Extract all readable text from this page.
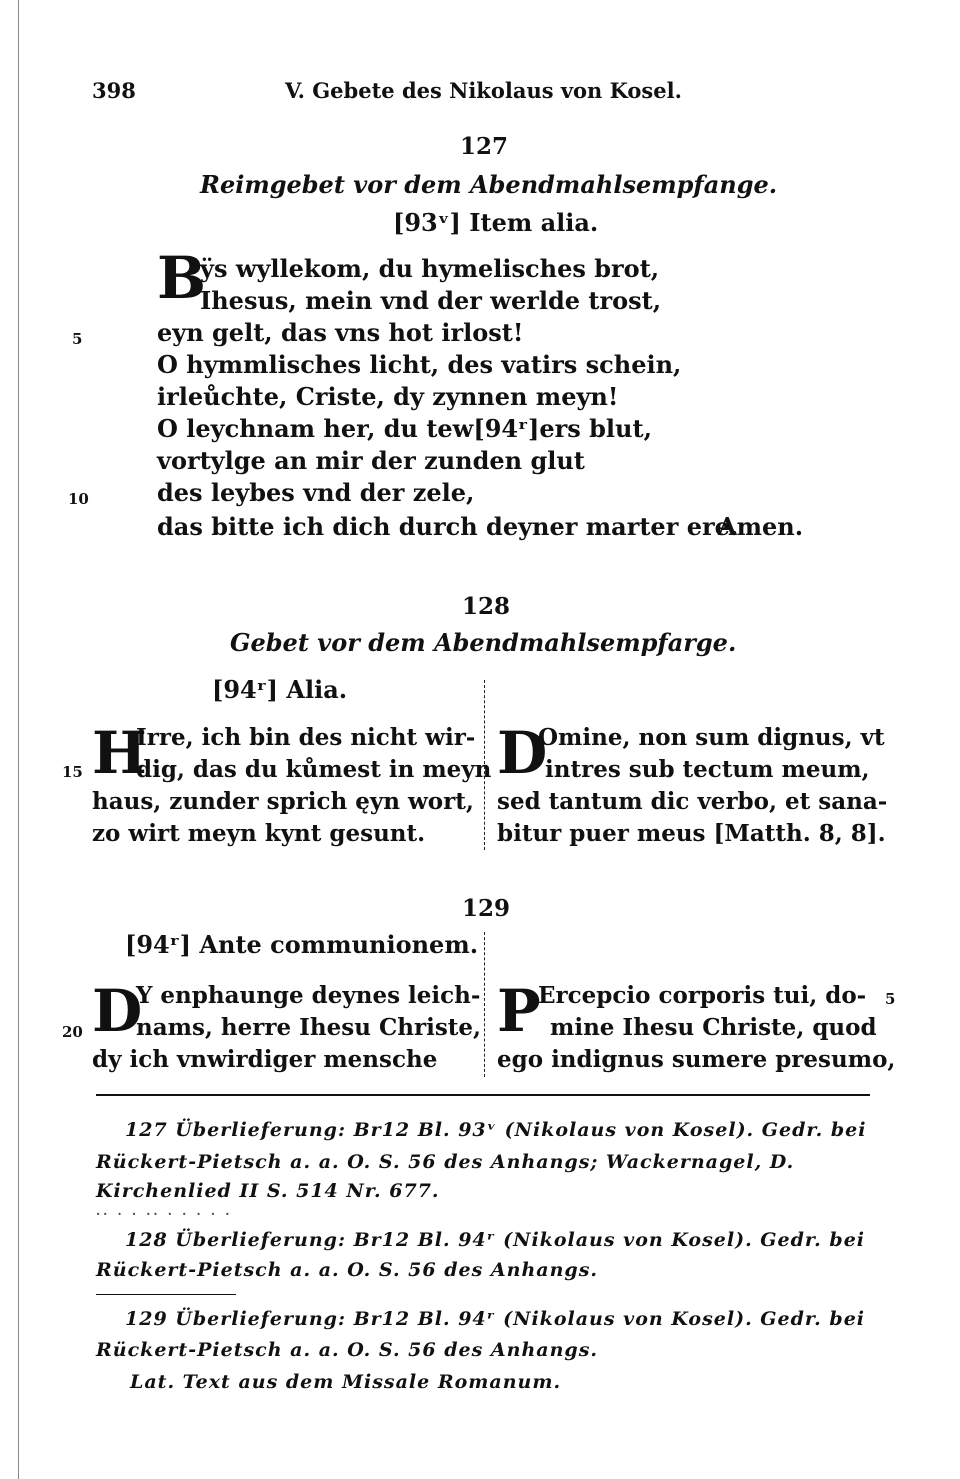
398	V. Gebete des Nikolaus von Kosel.
127
Reimgebet vor dem Abendmahlsempfange.
[93ᵛ] Item alia.
B
ÿs wyllekom, du hymelisches brot,
Ihesus, mein vnd der werlde trost,
eyn gelt, das vns hot irlost!
O hymmlisches licht, des vatirs schein,
irleůchte, Criste, dy zynnen meyn!
O leychnam her, du tew[94ʳ]ers blut,
vortylge an mir der zunden glut
des leybes vnd der zele,
das bitte ich dich durch deyner marter ere.
Amen.
5
10
128
Gebet vor dem Abendmahlsempfarge.
[94ʳ] Alia.
H
Irre, ich bin des nicht wir-
dig, das du kůmest in meyn
haus, zunder sprich ęyn wort,
zo wirt meyn kynt gesunt.
15	D
Omine, non sum dignus, vt
intres sub tectum meum,
sed tantum dic verbo, et sana-
bitur puer meus [Matth. 8, 8].
129
[94ʳ] Ante communionem.
D
Y enphaunge deynes leich-
nams, herre Ihesu Christe,
dy ich vnwirdiger mensche
20	P
Ercepcio corporis tui, do-
mine Ihesu Christe, quod
ego indignus sumere presumo,
5
127 Überlieferung: Br12 Bl. 93ᵛ (Nikolaus von Kosel). Gedr. bei
Rückert-Pietsch a. a. O. S. 56 des Anhangs; Wackernagel, D.
Kirchenlied II S. 514 Nr. 677.
.. . . .. . . . . .
128 Überlieferung: Br12 Bl. 94ʳ (Nikolaus von Kosel). Gedr. bei
Rückert-Pietsch a. a. O. S. 56 des Anhangs.
129 Überlieferung: Br12 Bl. 94ʳ (Nikolaus von Kosel). Gedr. bei
Rückert-Pietsch a. a. O. S. 56 des Anhangs.
Lat. Text aus dem Missale Romanum.
